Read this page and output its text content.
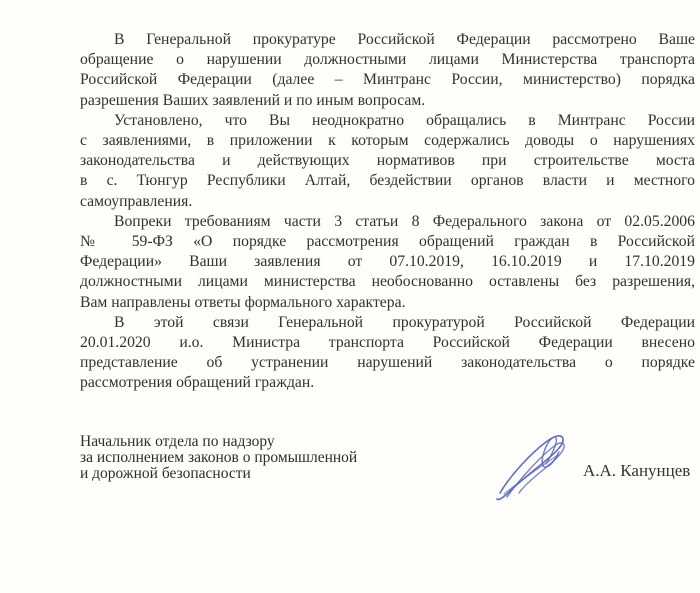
В Генеральной прокуратуре Российской Федерации рассмотрено Ваше
обращение о нарушении должностными лицами Министерства транспорта
Российской Федерации (далее – Минтранс России, министерство) порядка
разрешения Ваших заявлений и по иным вопросам.
Установлено, что Вы неоднократно обращались в Минтранс России
с заявлениями, в приложении к которым содержались доводы о нарушениях
законодательства и действующих нормативов при строительстве моста
в с. Тюнгур Республики Алтай, бездействии органов власти и местного
самоуправления.
Вопреки требованиям части 3 статьи 8 Федерального закона от 02.05.2006
№ 59-ФЗ «О порядке рассмотрения обращений граждан в Российской
Федерации» Ваши заявления от 07.10.2019, 16.10.2019 и 17.10.2019
должностными лицами министерства необоснованно оставлены без разрешения,
Вам направлены ответы формального характера.
В этой связи Генеральной прокуратурой Российской Федерации
20.01.2020 и.о. Министра транспорта Российской Федерации внесено
представление об устранении нарушений законодательства о порядке
рассмотрения обращений граждан.
Начальник отдела по надзору
за исполнением законов о промышленной
и дорожной безопасности	А.А. Канунцев
